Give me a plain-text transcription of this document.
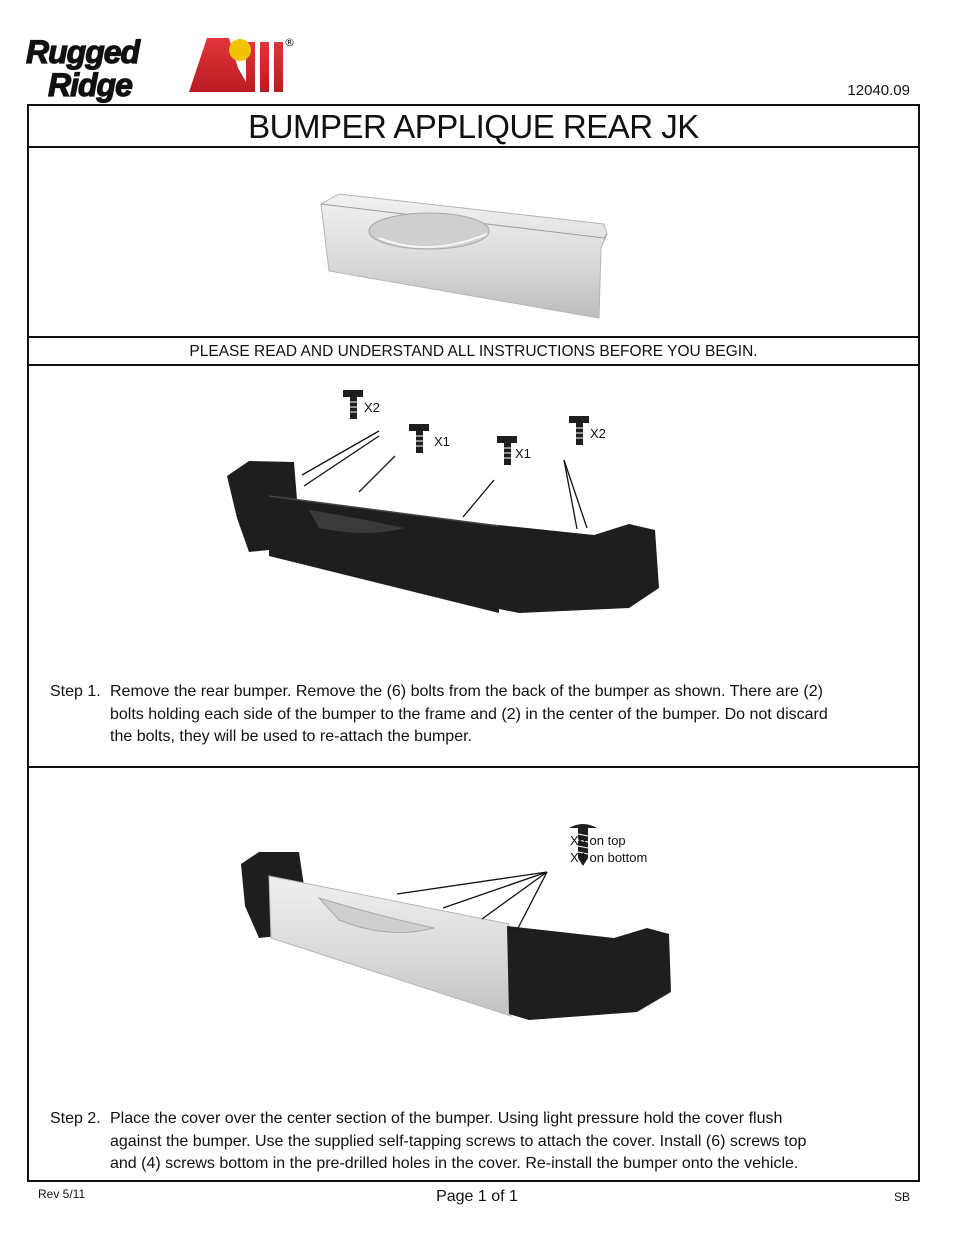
Rugged
Ridge
®
12040.09
BUMPER APPLIQUE REAR JK
PLEASE READ AND UNDERSTAND ALL INSTRUCTIONS BEFORE YOU BEGIN.
X2
X1
X1
X2
Step 1. Remove the rear bumper. Remove the (6) bolts from the back of the bumper as shown. There are (2)
bolts holding each side of the bumper to the frame and (2) in the center of the bumper. Do not discard
the bolts, they will be used to re-attach the bumper.
X6 on top
X4 on bottom
Step 2. Place the cover over the center section of the bumper. Using light pressure hold the cover flush
against the bumper. Use the supplied self-tapping screws to attach the cover. Install (6) screws top
and (4) screws bottom in the pre-drilled holes in the cover. Re-install the bumper onto the vehicle.
Rev 5/11	Page 1 of 1	SB
